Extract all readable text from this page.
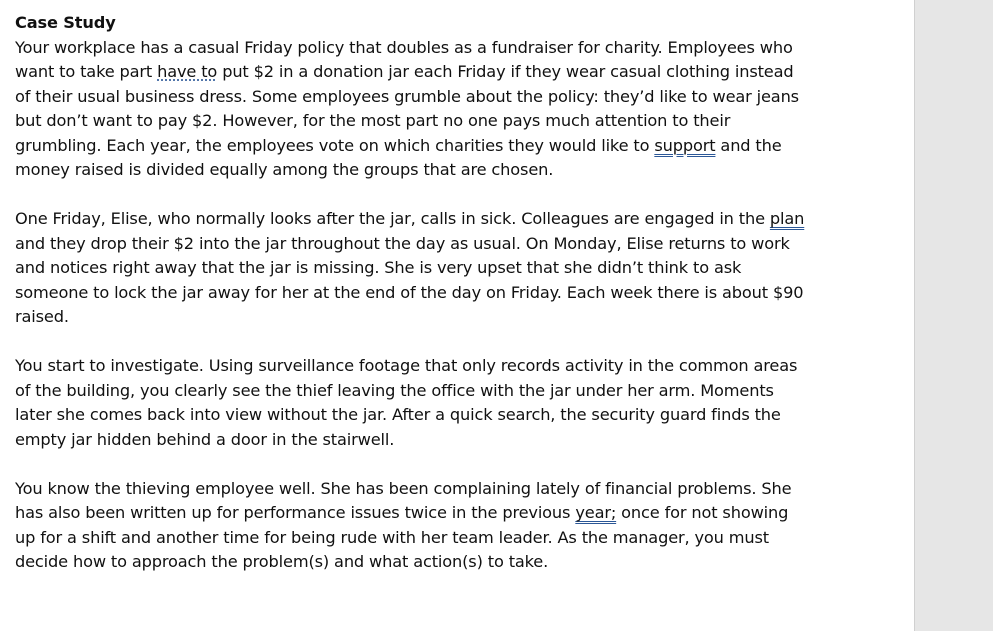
Case Study

Your workplace has a casual Friday policy that doubles as a fundraiser for charity. Employees who want to take part have to put $2 in a donation jar each Friday if they wear casual clothing instead of their usual business dress. Some employees grumble about the policy: they’d like to wear jeans but don’t want to pay $2. However, for the most part no one pays much attention to their grumbling. Each year, the employees vote on which charities they would like to support and the money raised is divided equally among the groups that are chosen.

One Friday, Elise, who normally looks after the jar, calls in sick. Colleagues are engaged in the plan and they drop their $2 into the jar throughout the day as usual. On Monday, Elise returns to work and notices right away that the jar is missing. She is very upset that she didn’t think to ask someone to lock the jar away for her at the end of the day on Friday. Each week there is about $90 raised.

You start to investigate. Using surveillance footage that only records activity in the common areas of the building, you clearly see the thief leaving the office with the jar under her arm. Moments later she comes back into view without the jar. After a quick search, the security guard finds the empty jar hidden behind a door in the stairwell.

You know the thieving employee well. She has been complaining lately of financial problems. She has also been written up for performance issues twice in the previous year; once for not showing up for a shift and another time for being rude with her team leader. As the manager, you must decide how to approach the problem(s) and what action(s) to take.
